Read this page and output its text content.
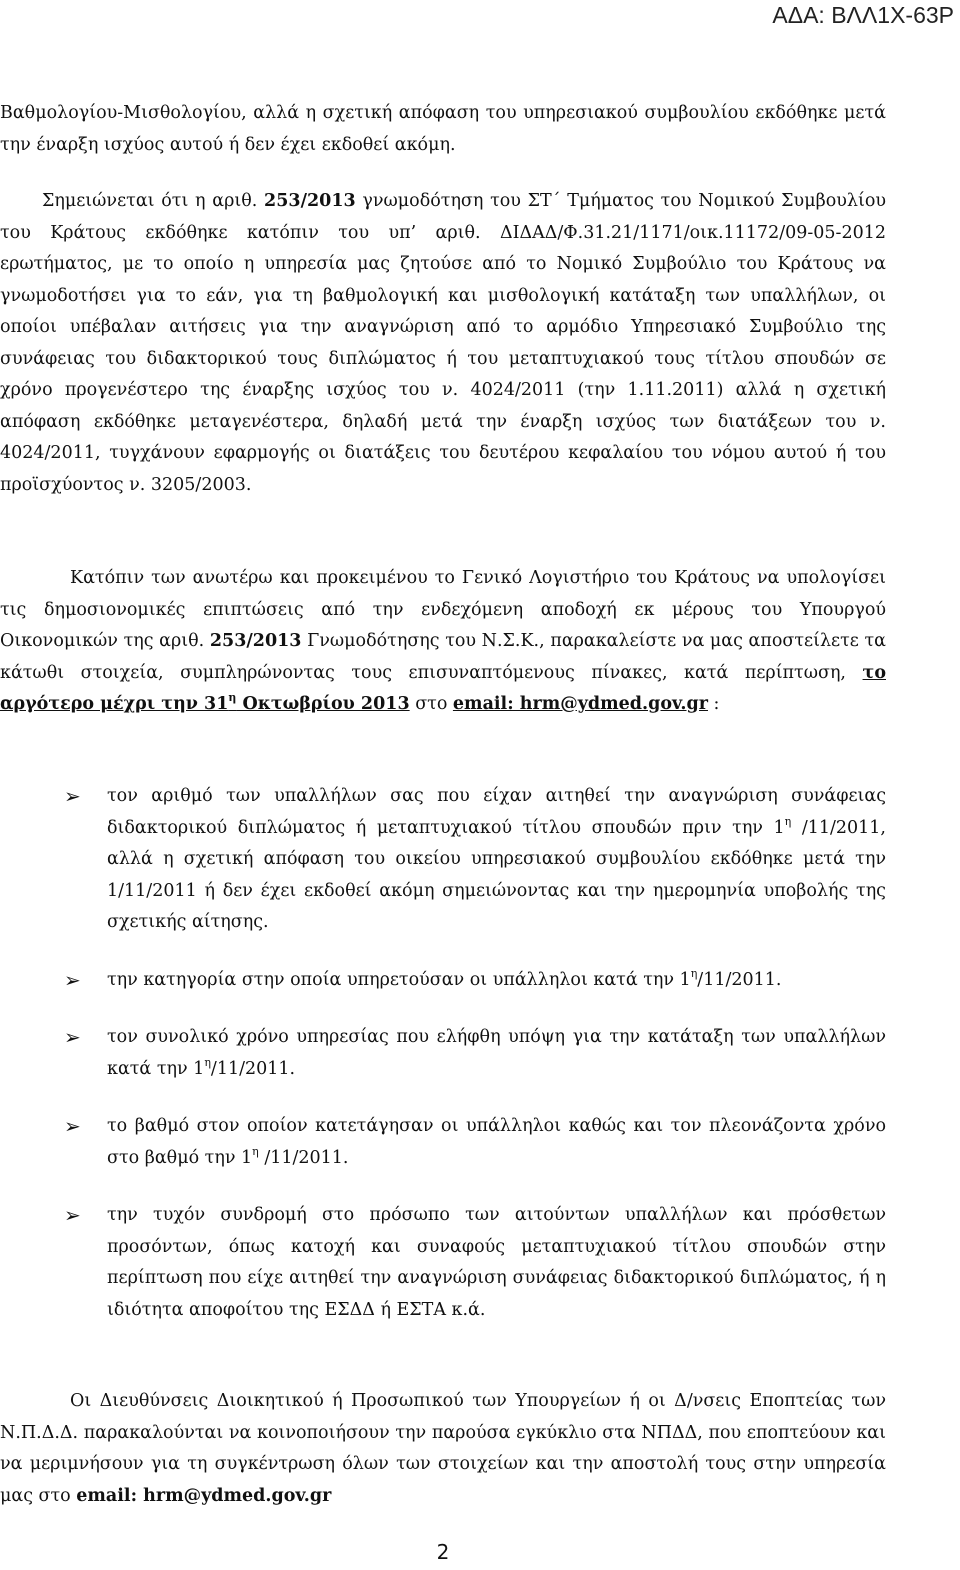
ΑΔΑ: ΒΛΛ1Χ-63Ρ

Βαθμολογίου-Μισθολογίου, αλλά η σχετική απόφαση του υπηρεσιακού συμβουλίου εκδόθηκε μετά την έναρξη ισχύος αυτού ή δεν έχει εκδοθεί ακόμη.

Σημειώνεται ότι η αριθ. 253/2013 γνωμοδότηση του ΣΤ΄ Τμήματος του Νομικού Συμβουλίου του Κράτους εκδόθηκε κατόπιν του υπ’ αριθ. ΔΙΔΑΔ/Φ.31.21/1171/οικ.11172/09-05-2012 ερωτήματος, με το οποίο η υπηρεσία μας ζητούσε από το Νομικό Συμβούλιο του Κράτους να γνωμοδοτήσει για το εάν, για τη βαθμολογική και μισθολογική κατάταξη των υπαλλήλων, οι οποίοι υπέβαλαν αιτήσεις για την αναγνώριση από το αρμόδιο Υπηρεσιακό Συμβούλιο της συνάφειας του διδακτορικού τους διπλώματος ή του μεταπτυχιακού τους τίτλου σπουδών σε χρόνο προγενέστερο της έναρξης ισχύος του ν. 4024/2011 (την 1.11.2011) αλλά η σχετική απόφαση εκδόθηκε μεταγενέστερα, δηλαδή μετά την έναρξη ισχύος των διατάξεων του ν. 4024/2011, τυγχάνουν εφαρμογής οι διατάξεις του δευτέρου κεφαλαίου του νόμου αυτού ή του προϊσχύοντος ν. 3205/2003.

Κατόπιν των ανωτέρω και προκειμένου το Γενικό Λογιστήριο του Κράτους να υπολογίσει τις δημοσιονομικές επιπτώσεις από την ενδεχόμενη αποδοχή εκ μέρους του Υπουργού Οικονομικών της αριθ. 253/2013 Γνωμοδότησης του Ν.Σ.Κ., παρακαλείστε να μας αποστείλετε τα κάτωθι στοιχεία, συμπληρώνοντας τους επισυναπτόμενους πίνακες, κατά περίπτωση, το αργότερο μέχρι την $31^\eta$ Οκτωβρίου 2013 στο email: hrm@ydmed.gov.gr :

➢ τον αριθμό των υπαλλήλων σας που είχαν αιτηθεί την αναγνώριση συνάφειας διδακτορικού διπλώματος ή μεταπτυχιακού τίτλου σπουδών πριν την $1^\eta$ /11/2011, αλλά η σχετική απόφαση του οικείου υπηρεσιακού συμβουλίου εκδόθηκε μετά την 1/11/2011 ή δεν έχει εκδοθεί ακόμη σημειώνοντας και την ημερομηνία υποβολής της σχετικής αίτησης.
➢ την κατηγορία στην οποία υπηρετούσαν οι υπάλληλοι κατά την $1^\eta/11/2011$.
➢ τον συνολικό χρόνο υπηρεσίας που ελήφθη υπόψη για την κατάταξη των υπαλλήλων κατά την $1^\eta/11/2011$.
➢ το βαθμό στον οποίον κατετάγησαν οι υπάλληλοι καθώς και τον πλεονάζοντα χρόνο στο βαθμό την $1^\eta$ /11/2011.
➢ την τυχόν συνδρομή στο πρόσωπο των αιτούντων υπαλλήλων και πρόσθετων προσόντων, όπως κατοχή και συναφούς μεταπτυχιακού τίτλου σπουδών στην περίπτωση που είχε αιτηθεί την αναγνώριση συνάφειας διδακτορικού διπλώματος, ή η ιδιότητα αποφοίτου της ΕΣΔΔ ή ΕΣΤΑ κ.ά.

Οι Διευθύνσεις Διοικητικού ή Προσωπικού των Υπουργείων ή οι Δ/νσεις Εποπτείας των Ν.Π.Δ.Δ. παρακαλούνται να κοινοποιήσουν την παρούσα εγκύκλιο στα ΝΠΔΔ, που εποπτεύουν και να μεριμνήσουν για τη συγκέντρωση όλων των στοιχείων και την αποστολή τους στην υπηρεσία μας στο email: hrm@ydmed.gov.gr

2
